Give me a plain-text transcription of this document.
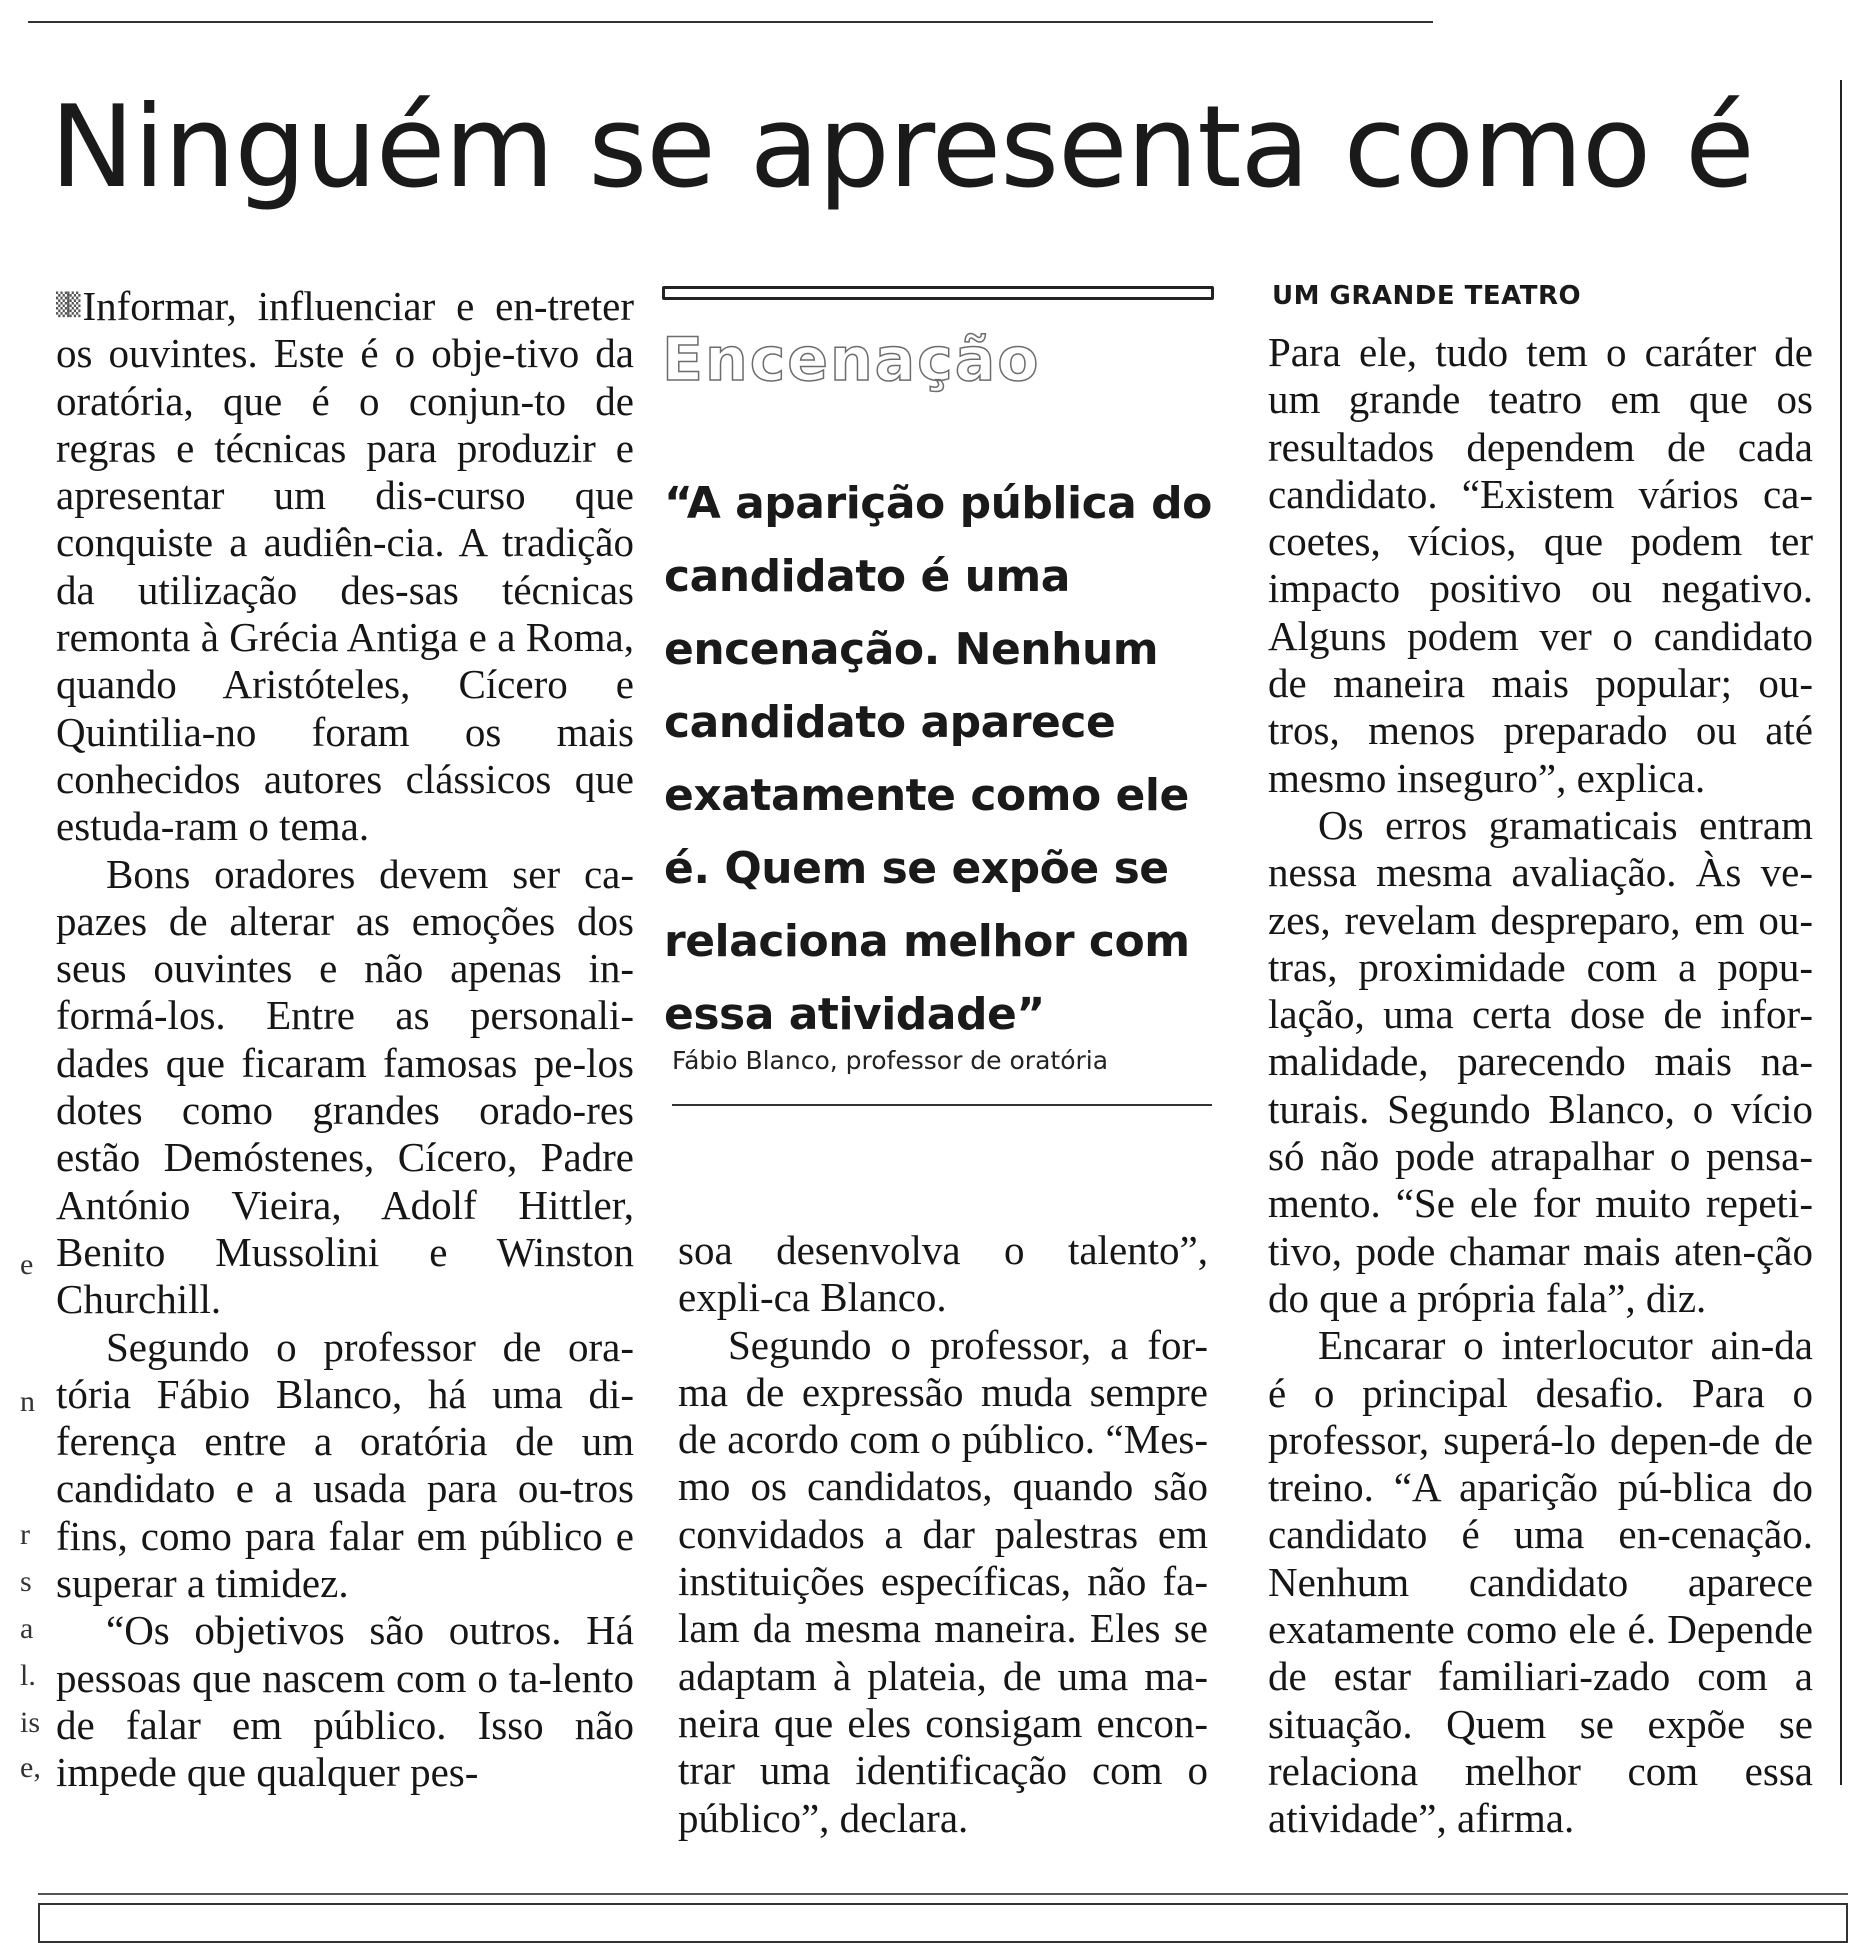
Ninguém se apresenta como é

▒▒Informar, influenciar e en-treter os ouvintes. Este é o obje-tivo da oratória, que é o conjun-to de regras e técnicas para produzir e apresentar um dis-curso que conquiste a audiên-cia. A tradição da utilização des-sas técnicas remonta à Grécia Antiga e a Roma, quando Aristóteles, Cícero e Quintilia-no foram os mais conhecidos autores clássicos que estuda-ram o tema.

Bons oradores devem ser ca-pazes de alterar as emoções dos seus ouvintes e não apenas in-formá-los. Entre as personali-dades que ficaram famosas pe-los dotes como grandes orado-res estão Demóstenes, Cícero, Padre António Vieira, Adolf Hittler, Benito Mussolini e Winston Churchill.

Segundo o professor de ora-tória Fábio Blanco, há uma di-ferença entre a oratória de um candidato e a usada para ou-tros fins, como para falar em público e superar a timidez.

“Os objetivos são outros. Há pessoas que nascem com o ta-lento de falar em público. Isso não impede que qualquer pes-

Encenação

“A aparição pública do candidato é uma encenação. Nenhum candidato aparece exatamente como ele é. Quem se expõe se relaciona melhor com essa atividade”

Fábio Blanco, professor de oratória

soa desenvolva o talento”, expli-ca Blanco.

Segundo o professor, a for-ma de expressão muda sempre de acordo com o público. “Mes-mo os candidatos, quando são convidados a dar palestras em instituições específicas, não fa-lam da mesma maneira. Eles se adaptam à plateia, de uma ma-neira que eles consigam encon-trar uma identificação com o público”, declara.

UM GRANDE TEATRO

Para ele, tudo tem o caráter de um grande teatro em que os resultados dependem de cada candidato. “Existem vários ca-coetes, vícios, que podem ter impacto positivo ou negativo. Alguns podem ver o candidato de maneira mais popular; ou-tros, menos preparado ou até mesmo inseguro”, explica.

Os erros gramaticais entram nessa mesma avaliação. Às ve-zes, revelam despreparo, em ou-tras, proximidade com a popu-lação, uma certa dose de infor-malidade, parecendo mais na-turais. Segundo Blanco, o vício só não pode atrapalhar o pensa-mento. “Se ele for muito repeti-tivo, pode chamar mais aten-ção do que a própria fala”, diz.

Encarar o interlocutor ain-da é o principal desafio. Para o professor, superá-lo depen-de de treino. “A aparição pú-blica do candidato é uma en-cenação. Nenhum candidato aparece exatamente como ele é. Depende de estar familiari-zado com a situação. Quem se expõe se relaciona melhor com essa atividade”, afirma.

e
n
r
s
a
l.
is
e,
